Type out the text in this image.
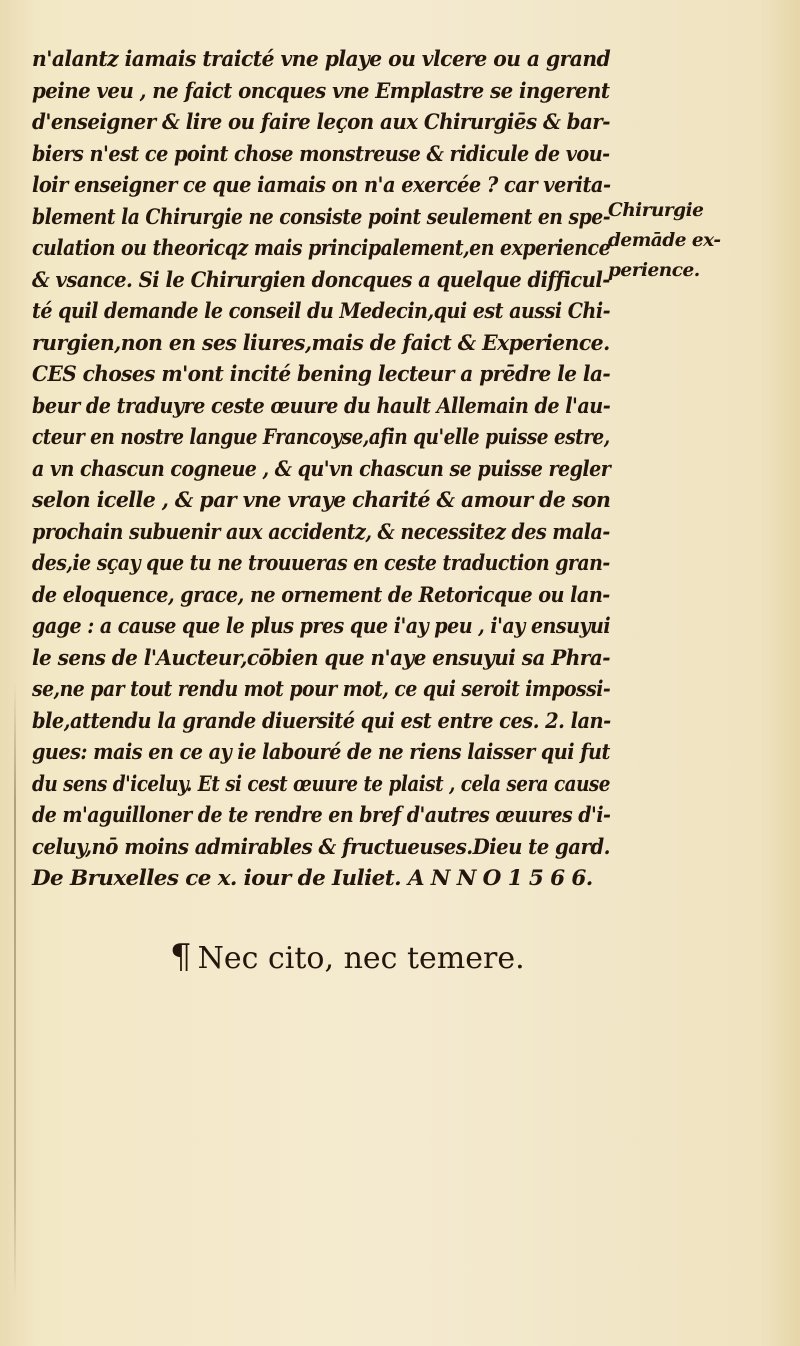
n'alantz iamais traicté vne playe ou vlcere ou a grand
peine veu , ne faict oncques vne Emplastre se ingerent
d'enseigner & lire ou faire leçon aux Chirurgiēs & bar-
biers n'est ce point chose monstreuse & ridicule de vou-
loir enseigner ce que iamais on n'a exercée ? car verita-
blement la Chirurgie ne consiste point seulement en spe-
culation ou theoricqz mais principalement,en experience
& vsance. Si le Chirurgien doncques a quelque difficul-
té quil demande le conseil du Medecin,qui est aussi Chi-
rurgien,non en ses liures,mais de faict & Experience.
CES choses m'ont incité bening lecteur a prēdre le la-
beur de traduyre ceste œuure du hault Allemain de l'au-
cteur en nostre langue Francoyse,afin qu'elle puisse estre,
a vn chascun cogneue , & qu'vn chascun se puisse regler
selon icelle , & par vne vraye charité & amour de son
prochain subuenir aux accidentz, & necessitez des mala-
des,ie sçay que tu ne trouueras en ceste traduction gran-
de eloquence, grace, ne ornement de Retoricque ou lan-
gage : a cause que le plus pres que i'ay peu , i'ay ensuyui
le sens de l'Aucteur,cōbien que n'aye ensuyui sa Phra-
se,ne par tout rendu mot pour mot, ce qui seroit impossi-
ble,attendu la grande diuersité qui est entre ces. 2. lan-
gues: mais en ce ay ie labouré de ne riens laisser qui fut
du sens d'iceluy. Et si cest œuure te plaist , cela sera cause
de m'aguilloner de te rendre en bref d'autres œuures d'i-
celuy,nō moins admirables & fructueuses.Dieu te gard.
De Bruxelles ce x. iour de Iuliet. A N N O 1 5 6 6.
Chirurgie
demāde ex-
perience.
¶ Nec cito, nec temere.
